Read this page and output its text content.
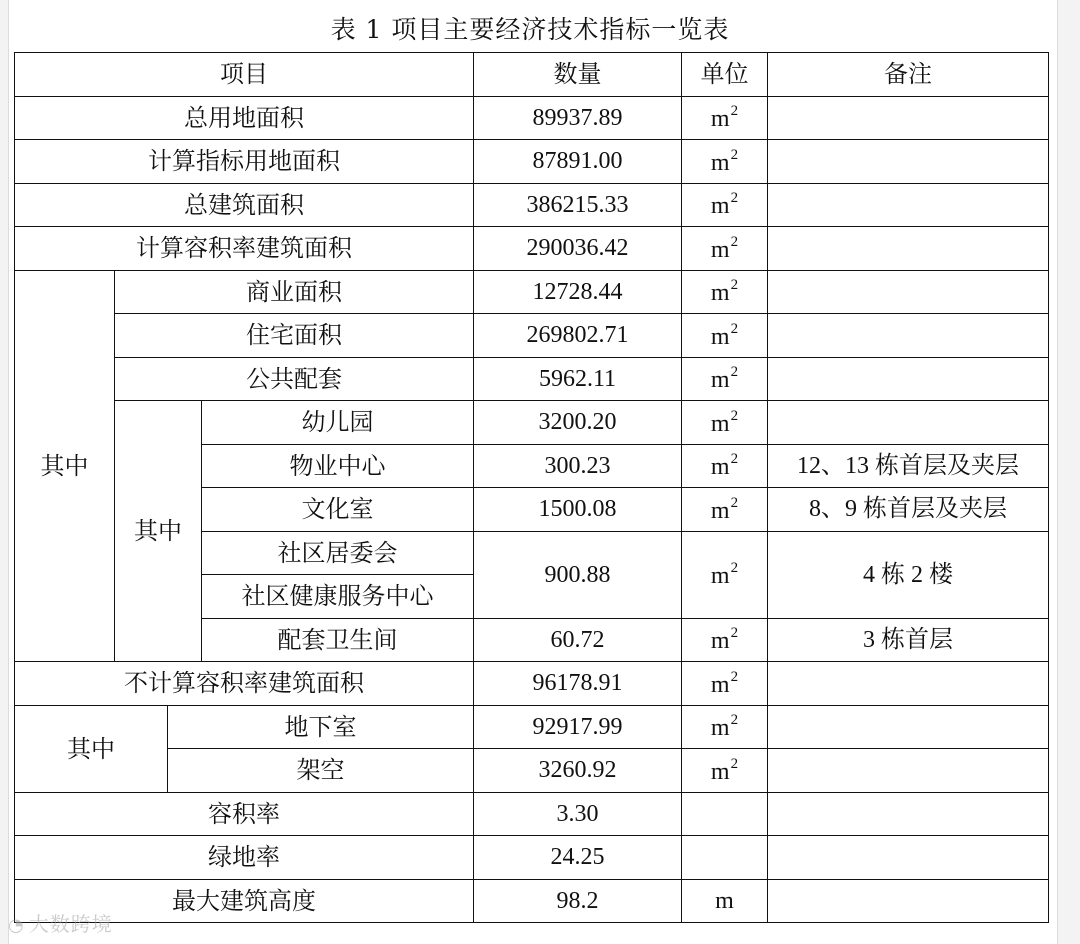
表 1 项目主要经济技术指标一览表
项目				数量	单位	备注
总用地面积				89937.89	$m^2$	
计算指标用地面积				87891.00	$m^2$	
总建筑面积				386215.33	$m^2$	
计算容积率建筑面积				290036.42	$m^2$	
其中	商业面积			12728.44	$m^2$	
	住宅面积			269802.71	$m^2$	
	公共配套			5962.11	$m^2$	
	其中		幼儿园	3200.20	$m^2$	
			物业中心	300.23	$m^2$	12、13 栋首层及夹层
			文化室	1500.08	$m^2$	8、9 栋首层及夹层
			社区居委会	900.88	$m^2$	4 栋 2 楼
			社区健康服务中心			
			配套卫生间	60.72	$m^2$	3 栋首层
不计算容积率建筑面积				96178.91	$m^2$	
其中		地下室		92917.99	$m^2$	
		架空		3260.92	$m^2$	
容积率				3.30		
绿地率				24.25		
最大建筑高度				98.2	m	
◔ 大数跨境
